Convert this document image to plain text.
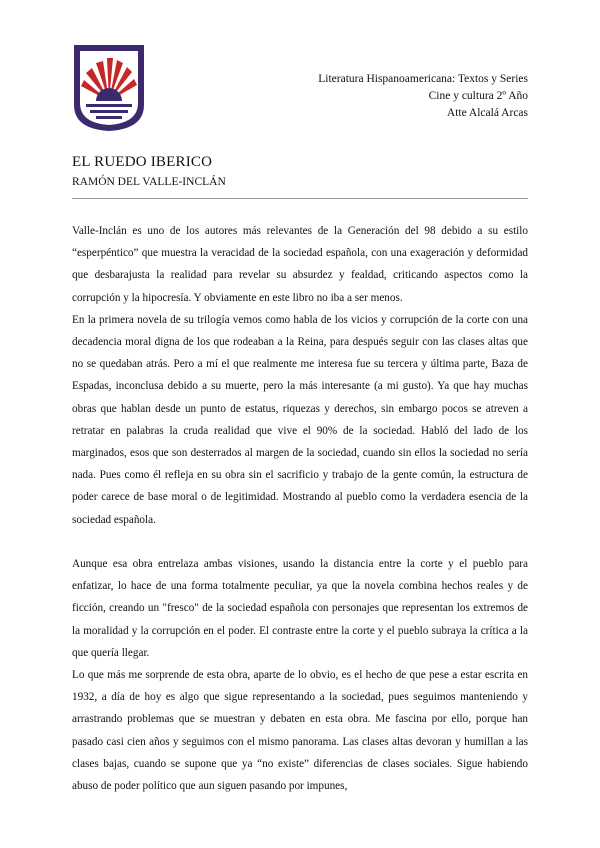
Literatura Hispanoamericana: Textos y Series
Cine y cultura 2º Año
Atte Alcalá Arcas
EL RUEDO IBERICO
RAMÓN DEL VALLE-INCLÁN

Valle-Inclán es uno de los autores más relevantes de la Generación del 98 debido a su estilo “esperpéntico” que muestra la veracidad de la sociedad española, con una exageración y deformidad que desbarajusta la realidad para revelar su absurdez y fealdad, criticando aspectos como la corrupción y la hipocresía. Y obviamente en este libro no iba a ser menos.

En la primera novela de su trilogía vemos como habla de los vicios y corrupción de la corte con una decadencia moral digna de los que rodeaban a la Reina, para después seguir con las clases altas que no se quedaban atrás. Pero a mí el que realmente me interesa fue su tercera y última parte, Baza de Espadas, inconclusa debido a su muerte, pero la más interesante (a mi gusto). Ya que hay muchas obras que hablan desde un punto de estatus, riquezas y derechos, sin embargo pocos se atreven a retratar en palabras la cruda realidad que vive el 90% de la sociedad. Habló del lado de los marginados, esos que son desterrados al margen de la sociedad, cuando sin ellos la sociedad no sería nada. Pues como él refleja en su obra sin el sacrificio y trabajo de la gente común, la estructura de poder carece de base moral o de legitimidad. Mostrando al pueblo como la verdadera esencia de la sociedad española.

Aunque esa obra entrelaza ambas visiones, usando la distancia entre la corte y el pueblo para enfatizar, lo hace de una forma totalmente peculiar, ya que la novela combina hechos reales y de ficción, creando un "fresco" de la sociedad española con personajes que representan los extremos de la moralidad y la corrupción en el poder. El contraste entre la corte y el pueblo subraya la crítica a la que quería llegar.

Lo que más me sorprende de esta obra, aparte de lo obvio, es el hecho de que pese a estar escrita en 1932, a día de hoy es algo que sigue representando a la sociedad, pues seguimos manteniendo y arrastrando problemas que se muestran y debaten en esta obra. Me fascina por ello, porque han pasado casi cien años y seguimos con el mismo panorama. Las clases altas devoran y humillan a las clases bajas, cuando se supone que ya “no existe” diferencias de clases sociales. Sigue habiendo abuso de poder político que aun siguen pasando por impunes,
